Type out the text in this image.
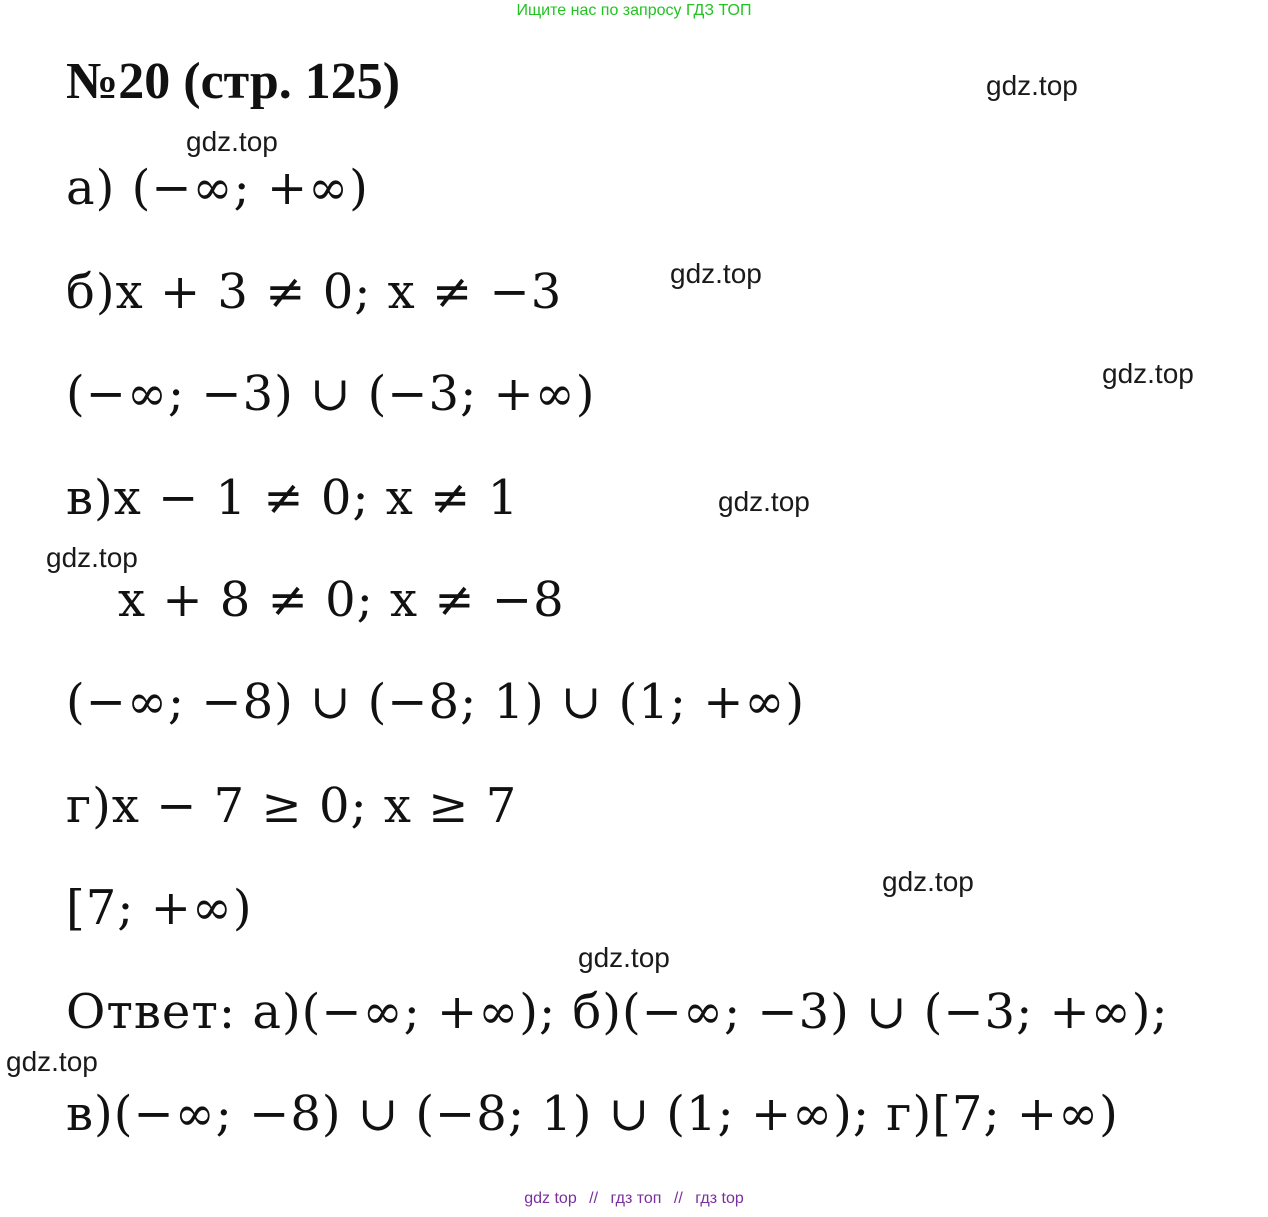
Ищите нас по запросу ГДЗ ТОП
№20 (стр. 125)	gdz.top
gdz.top
gdz.top
gdz.top
gdz.top
gdz.top
gdz.top
gdz.top
gdz.top
а) (−∞; +∞)
б)x + 3 ≠ 0; x ≠ −3
(−∞; −3) ∪ (−3; +∞)
в)x − 1 ≠ 0; x ≠ 1
x + 8 ≠ 0; x ≠ −8
(−∞; −8) ∪ (−8; 1) ∪ (1; +∞)
г)x − 7 ≥ 0; x ≥ 7
[7; +∞)
Ответ: а)(−∞; +∞); б)(−∞; −3) ∪ (−3; +∞);
в)(−∞; −8) ∪ (−8; 1) ∪ (1; +∞); г)[7; +∞)
gdz top // гдз топ // гдз top
